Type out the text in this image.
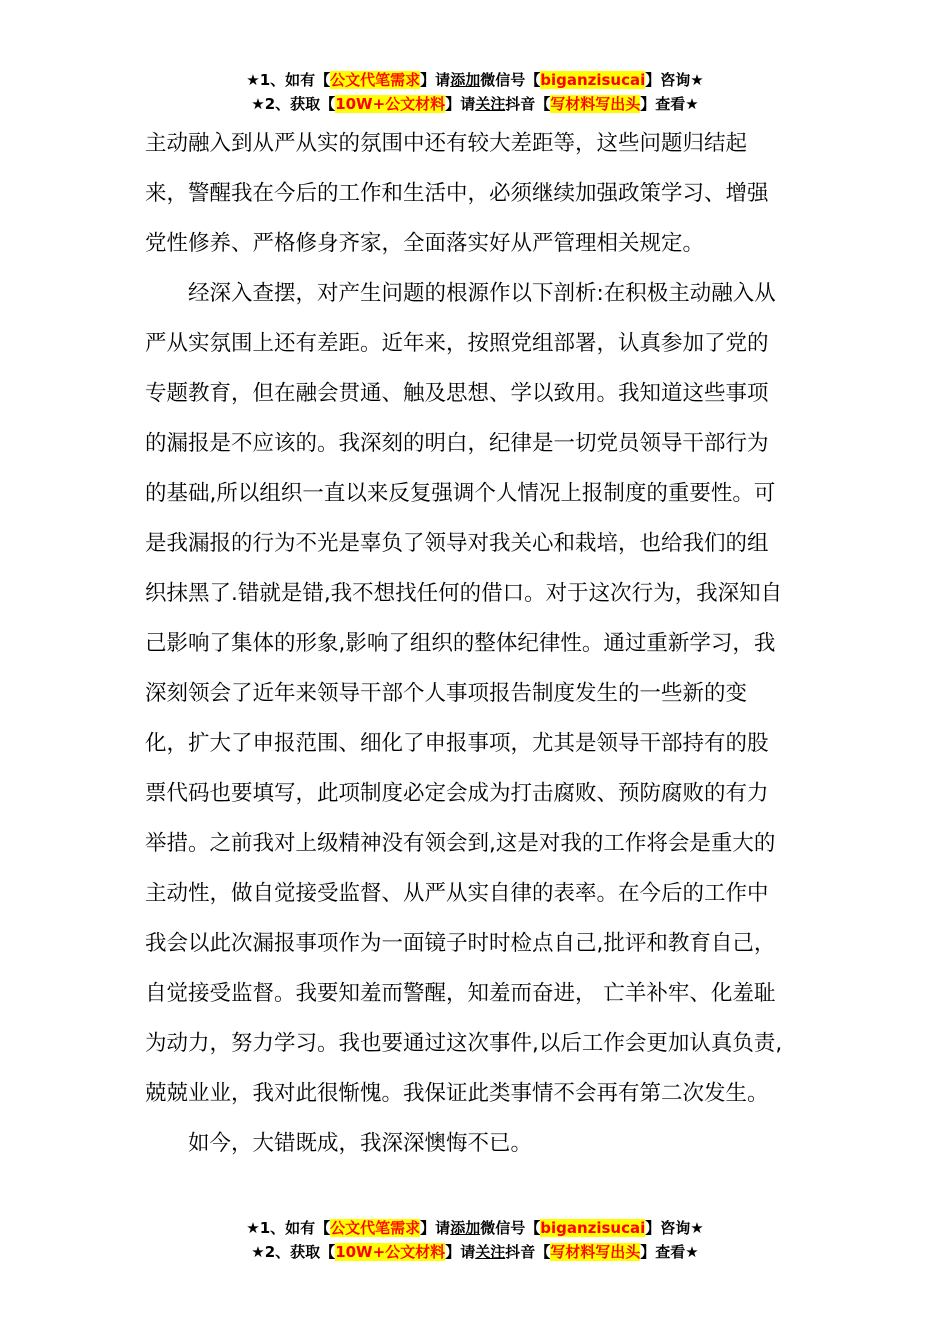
★1、如有【公文代笔需求】请添加微信号【biganzisucai】咨询★
★2、获取【10W+公文材料】请关注抖音【写材料写出头】查看★
主动融入到从严从实的氛围中还有较大差距等，这些问题归结起
来，警醒我在今后的工作和生活中，必须继续加强政策学习、增强
党性修养、严格修身齐家，全面落实好从严管理相关规定。
经深入查摆，对产生问题的根源作以下剖析:在积极主动融入从
严从实氛围上还有差距。近年来，按照党组部署，认真参加了党的
专题教育，但在融会贯通、触及思想、学以致用。我知道这些事项
的漏报是不应该的。我深刻的明白，纪律是一切党员领导干部行为
的基础,所以组织一直以来反复强调个人情况上报制度的重要性。可
是我漏报的行为不光是辜负了领导对我关心和栽培，也给我们的组
织抹黑了.错就是错,我不想找任何的借口。对于这次行为，我深知自
己影响了集体的形象,影响了组织的整体纪律性。通过重新学习，我
深刻领会了近年来领导干部个人事项报告制度发生的一些新的变
化，扩大了申报范围、细化了申报事项，尤其是领导干部持有的股
票代码也要填写，此项制度必定会成为打击腐败、预防腐败的有力
举措。之前我对上级精神没有领会到,这是对我的工作将会是重大的
主动性，做自觉接受监督、从严从实自律的表率。在今后的工作中
我会以此次漏报事项作为一面镜子时时检点自己,批评和教育自己，
自觉接受监督。我要知羞而警醒，知羞而奋进， 亡羊补牢、化羞耻
为动力，努力学习。我也要通过这次事件,以后工作会更加认真负责,
兢兢业业，我对此很惭愧。我保证此类事情不会再有第二次发生。
如今，大错既成，我深深懊悔不已。
★1、如有【公文代笔需求】请添加微信号【biganzisucai】咨询★
★2、获取【10W+公文材料】请关注抖音【写材料写出头】查看★
